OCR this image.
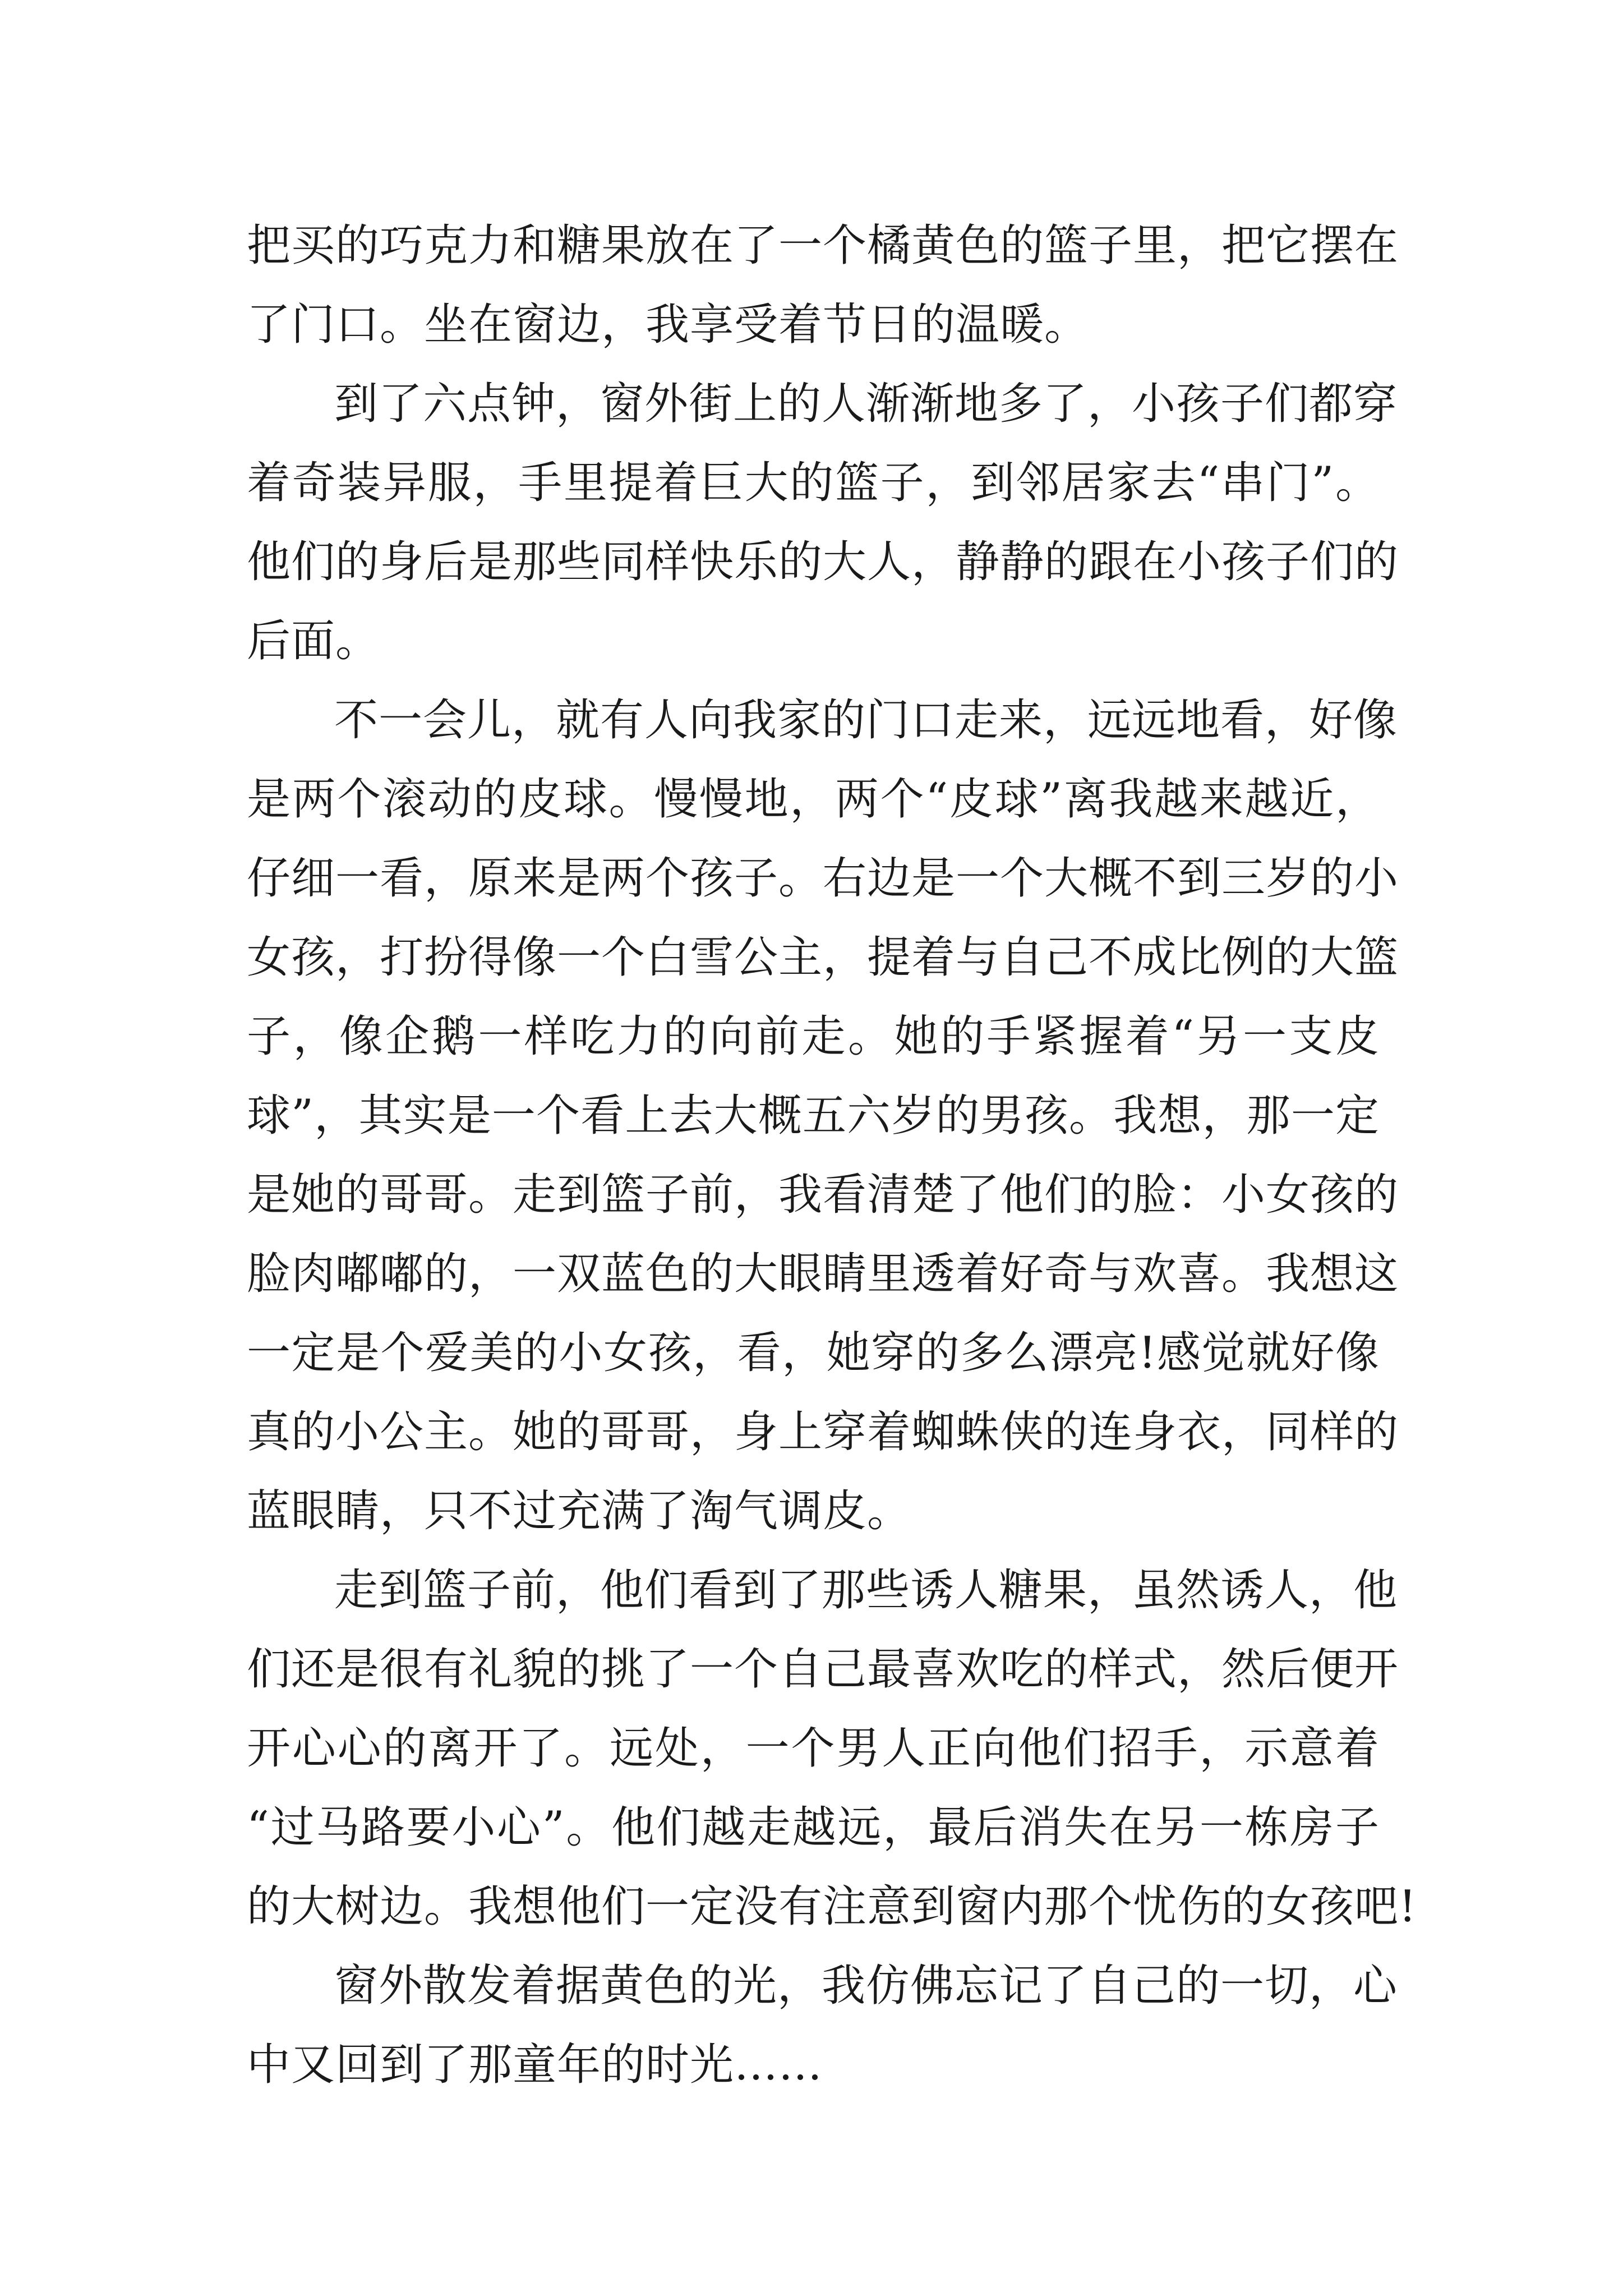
把买的巧克力和糖果放在了一个橘黄色的篮子里，把它摆在
了门口。坐在窗边，我享受着节日的温暖。
到了六点钟，窗外街上的人渐渐地多了，小孩子们都穿
着奇装异服，手里提着巨大的篮子，到邻居家去“串门”。
他们的身后是那些同样快乐的大人，静静的跟在小孩子们的
后面。
不一会儿，就有人向我家的门口走来，远远地看，好像
是两个滚动的皮球。慢慢地，两个“皮球”离我越来越近，
仔细一看，原来是两个孩子。右边是一个大概不到三岁的小
女孩，打扮得像一个白雪公主，提着与自己不成比例的大篮
子，像企鹅一样吃力的向前走。她的手紧握着“另一支皮
球”，其实是一个看上去大概五六岁的男孩。我想，那一定
是她的哥哥。走到篮子前，我看清楚了他们的脸：小女孩的
脸肉嘟嘟的，一双蓝色的大眼睛里透着好奇与欢喜。我想这
一定是个爱美的小女孩，看，她穿的多么漂亮!感觉就好像
真的小公主。她的哥哥，身上穿着蜘蛛侠的连身衣，同样的
蓝眼睛，只不过充满了淘气调皮。
走到篮子前，他们看到了那些诱人糖果，虽然诱人，他
们还是很有礼貌的挑了一个自己最喜欢吃的样式，然后便开
开心心的离开了。远处，一个男人正向他们招手，示意着
“过马路要小心”。他们越走越远，最后消失在另一栋房子
的大树边。我想他们一定没有注意到窗内那个忧伤的女孩吧!
窗外散发着据黄色的光，我仿佛忘记了自己的一切，心
中又回到了那童年的时光……
